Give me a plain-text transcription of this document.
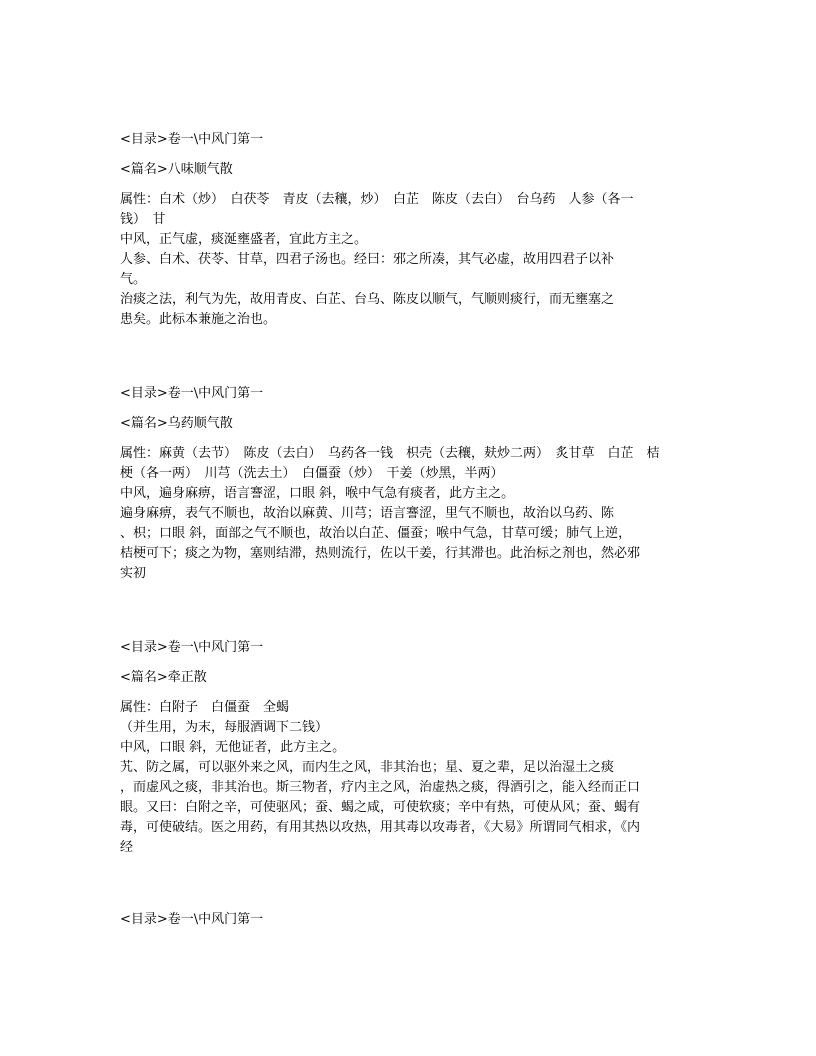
<目录>卷一\中风门第一
<篇名>八味顺气散
属性：白术（炒）　白茯苓　青皮（去穰，炒）　白芷　陈皮（去白）　台乌药　人参（各一
钱）　甘
中风，正气虚，痰涎壅盛者，宜此方主之。
人参、白术、茯苓、甘草，四君子汤也。经曰：邪之所凑，其气必虚，故用四君子以补
气。
治痰之法，利气为先，故用青皮、白芷、台乌、陈皮以顺气，气顺则痰行，而无壅塞之
患矣。此标本兼施之治也。
<目录>卷一\中风门第一
<篇名>乌药顺气散
属性：麻黄（去节）　陈皮（去白）　乌药各一钱　枳壳（去穰，麸炒二两）　炙甘草　白芷　桔
梗（各一两）　川芎（洗去土）　白僵蚕（炒）　干姜（炒黑，半两）
中风，遍身麻痹，语言謇涩，口眼 斜，喉中气急有痰者，此方主之。
遍身麻痹，表气不顺也，故治以麻黄、川芎；语言謇涩，里气不顺也，故治以乌药、陈
、枳；口眼 斜，面部之气不顺也，故治以白芷、僵蚕；喉中气急，甘草可缓；肺气上逆，
桔梗可下；痰之为物，塞则结滞，热则流行，佐以干姜，行其滞也。此治标之剂也，然必邪
实初
<目录>卷一\中风门第一
<篇名>牵正散
属性：白附子　白僵蚕　全蝎
（并生用，为末，每服酒调下二钱）
中风，口眼 斜，无他证者，此方主之。
艽、防之属，可以驱外来之风，而内生之风，非其治也；星、夏之辈，足以治湿土之痰
，而虚风之痰，非其治也。斯三物者，疗内主之风，治虚热之痰，得酒引之，能入经而正口
眼。又曰：白附之辛，可使驱风；蚕、蝎之咸，可使软痰；辛中有热，可使从风；蚕、蝎有
毒，可使破结。医之用药，有用其热以攻热，用其毒以攻毒者，《大易》所谓同气相求，《内
经
<目录>卷一\中风门第一
